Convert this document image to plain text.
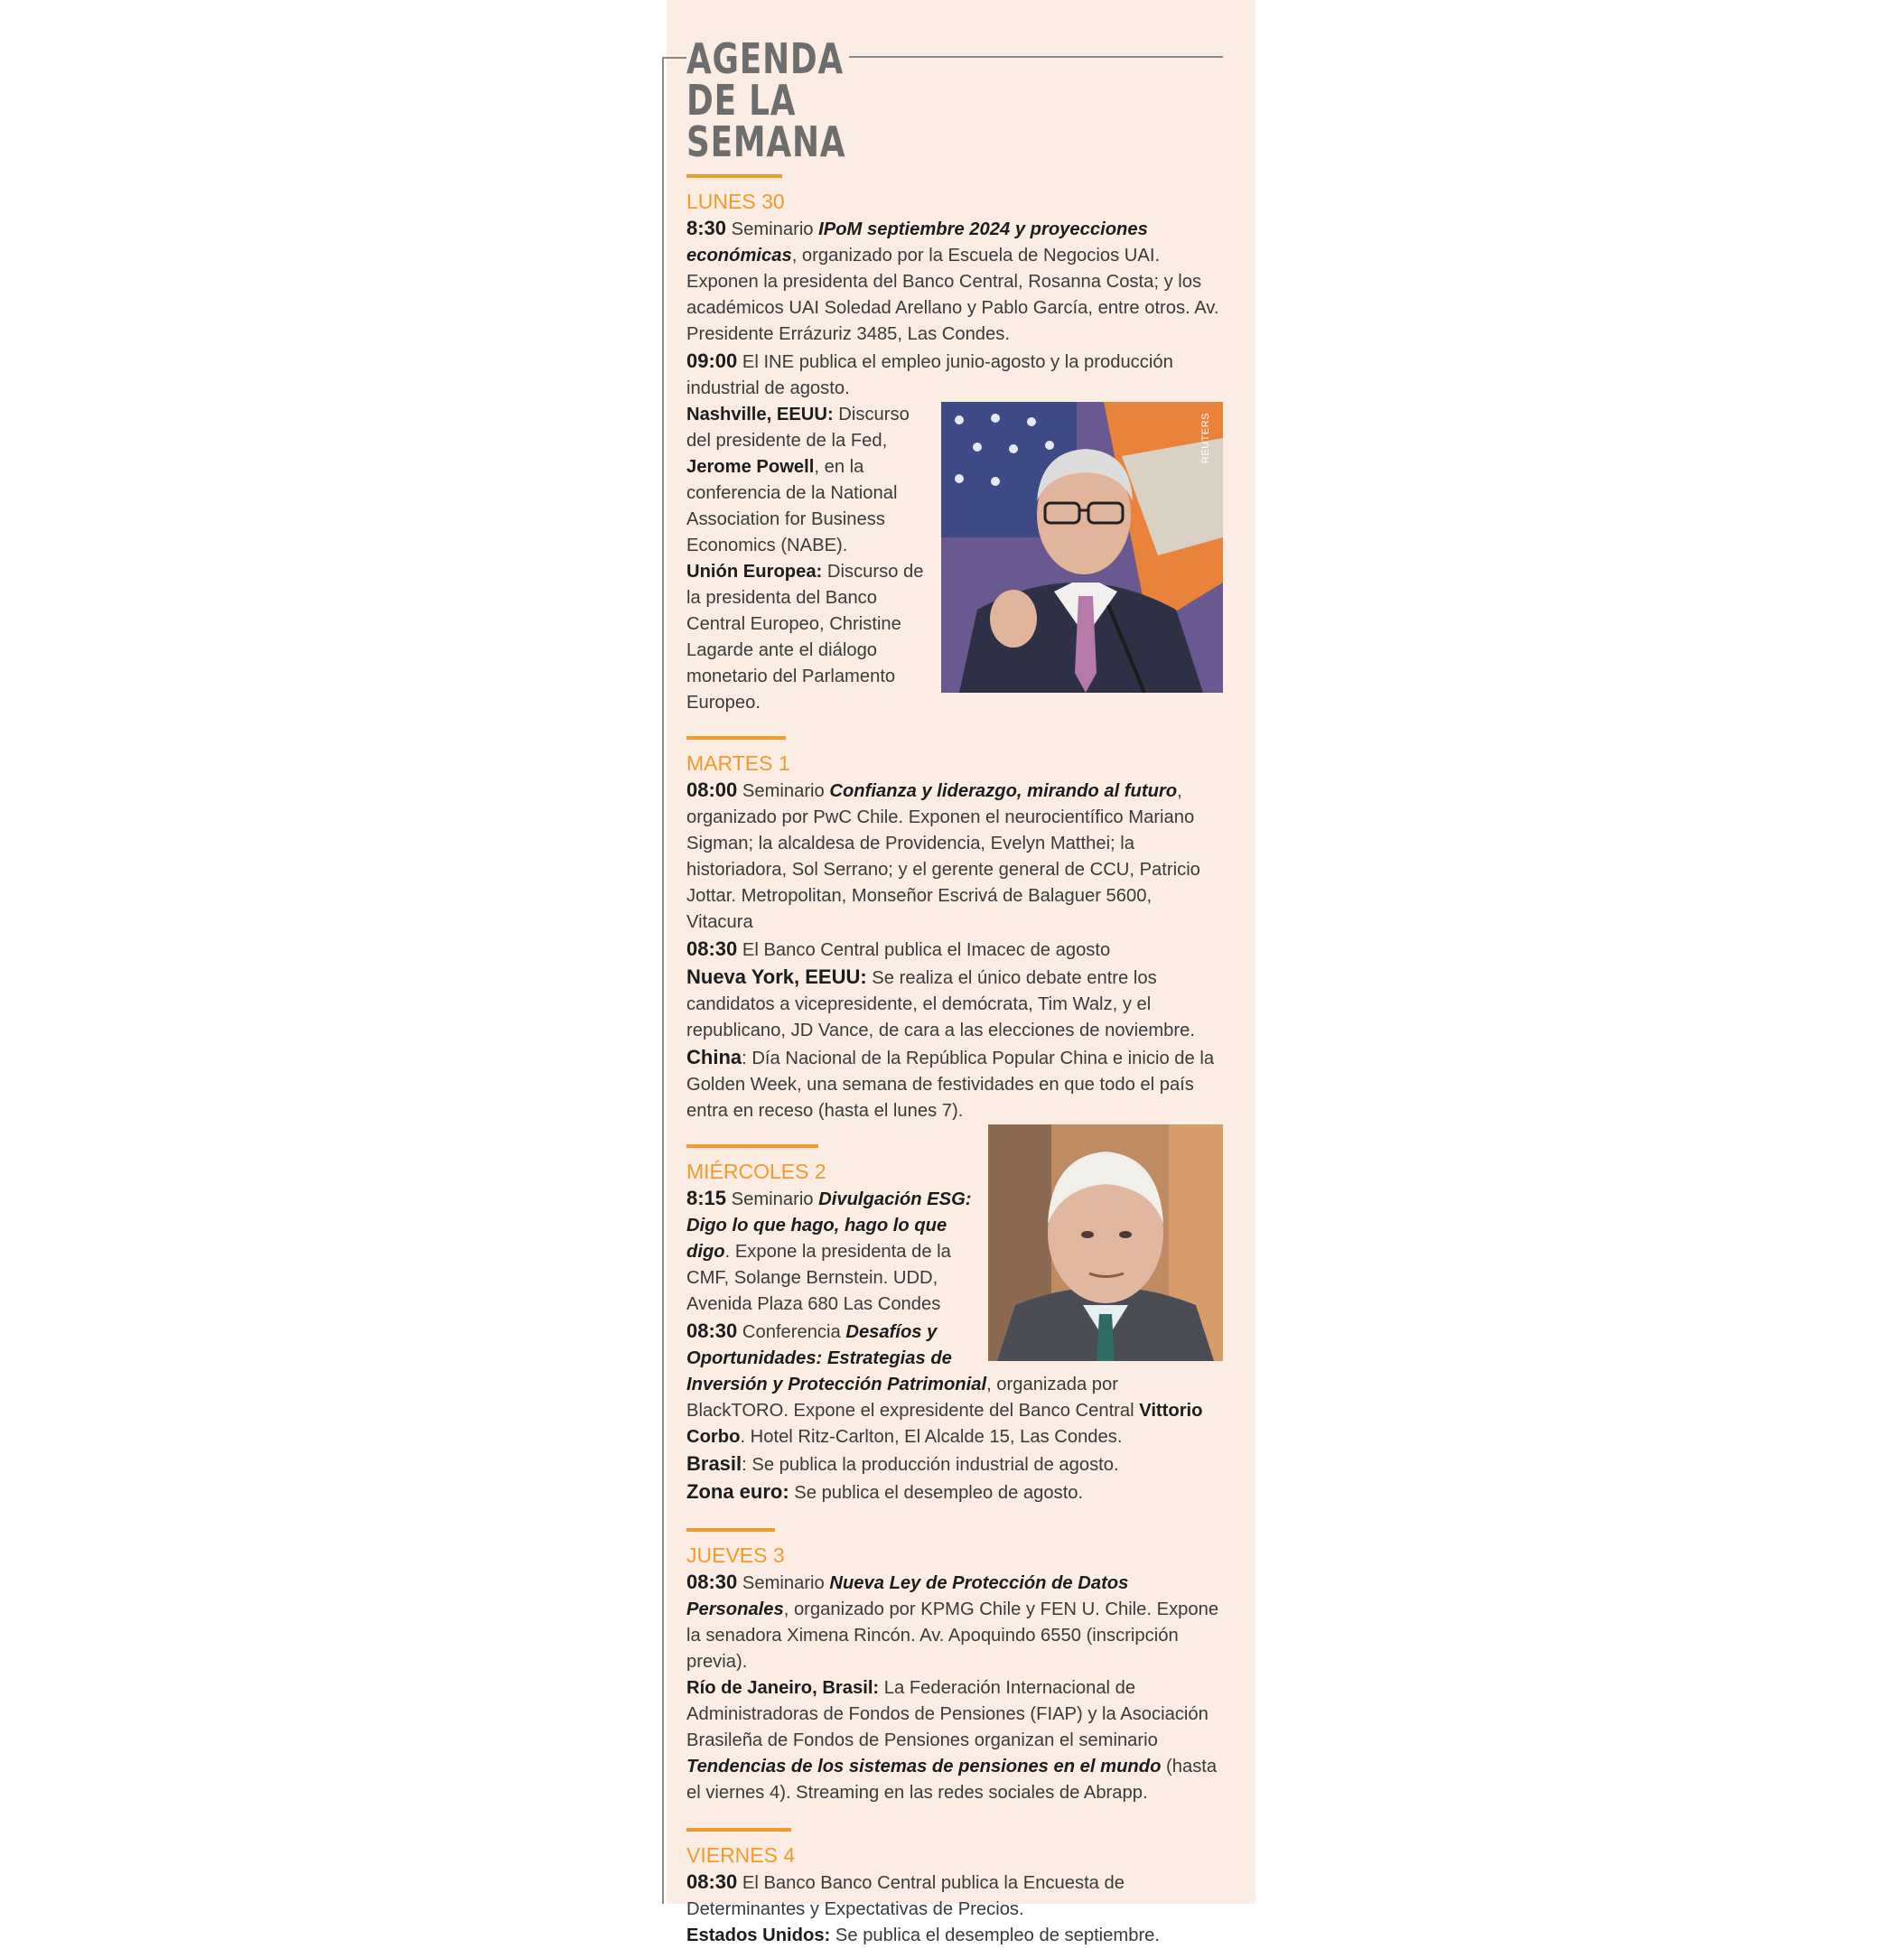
AGENDA
DE LA
SEMANA
LUNES 30

8:30 Seminario IPoM septiembre 2024 y proyecciones económicas, organizado por la Escuela de Negocios UAI. Exponen la presidenta del Banco Central, Rosanna Costa; y los académicos UAI Soledad Arellano y Pablo García, entre otros. Av. Presidente Errázuriz 3485, Las Condes.

09:00 El INE publica el empleo junio-agosto y la producción industrial de agosto.

REUTERS

Nashville, EEUU: Discurso del presidente de la Fed, Jerome Powell, en la conferencia de la National Association for Business Economics (NABE).

Unión Europea: Discurso de la presidenta del Banco Central Europeo, Christine Lagarde ante el diálogo monetario del Parlamento Europeo.

MARTES 1

08:00 Seminario Confianza y liderazgo, mirando al futuro, organizado por PwC Chile. Exponen el neurocientífico Mariano Sigman; la alcaldesa de Providencia, Evelyn Matthei; la historiadora, Sol Serrano; y el gerente general de CCU, Patricio Jottar. Metropolitan, Monseñor Escrivá de Balaguer 5600, Vitacura

08:30 El Banco Central publica el Imacec de agosto

Nueva York, EEUU: Se realiza el único debate entre los candidatos a vicepresidente, el demócrata, Tim Walz, y el republicano, JD Vance, de cara a las elecciones de noviembre.

China: Día Nacional de la República Popular China e inicio de la Golden Week, una semana de festividades en que todo el país entra en receso (hasta el lunes 7).

MIÉRCOLES 2

8:15 Seminario Divulgación ESG: Digo lo que hago, hago lo que digo. Expone la presidenta de la CMF, Solange Bernstein. UDD, Avenida Plaza 680 Las Condes

08:30 Conferencia Desafíos y Oportunidades: Estrategias de Inversión y Protección Patrimonial, organizada por BlackTORO. Expone el expresidente del Banco Central Vittorio Corbo. Hotel Ritz-Carlton, El Alcalde 15, Las Condes.

Brasil: Se publica la producción industrial de agosto.

Zona euro: Se publica el desempleo de agosto.

JUEVES 3

08:30 Seminario Nueva Ley de Protección de Datos Personales, organizado por KPMG Chile y FEN U. Chile. Expone la senadora Ximena Rincón. Av. Apoquindo 6550 (inscripción previa).

Río de Janeiro, Brasil: La Federación Internacional de Administradoras de Fondos de Pensiones (FIAP) y la Asociación Brasileña de Fondos de Pensiones organizan el seminario Tendencias de los sistemas de pensiones en el mundo (hasta el viernes 4). Streaming en las redes sociales de Abrapp.

VIERNES 4

08:30 El Banco Banco Central publica la Encuesta de Determinantes y Expectativas de Precios.

Estados Unidos: Se publica el desempleo de septiembre.
